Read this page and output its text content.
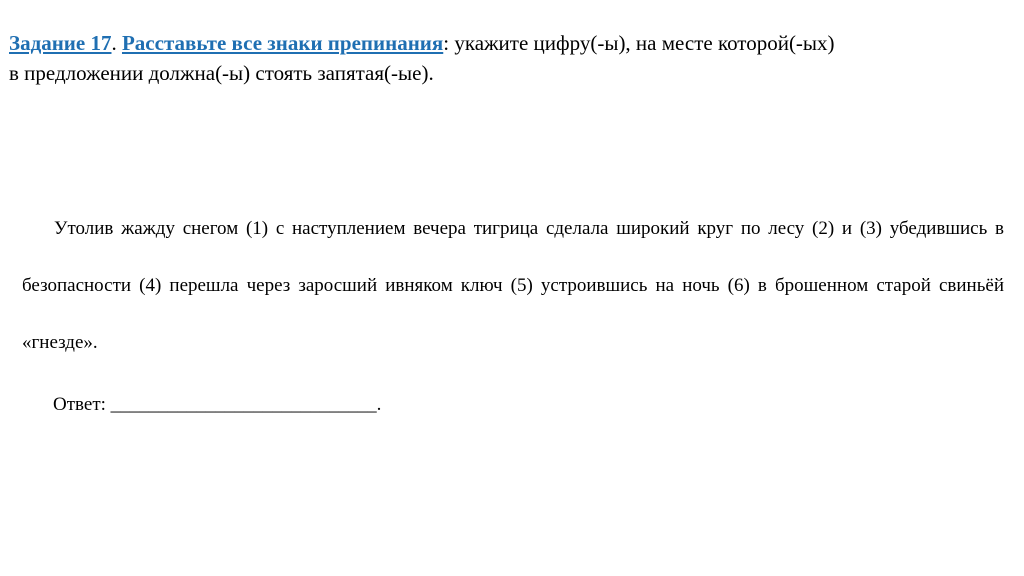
Задание 17. Расставьте все знаки препинания: укажите цифру(-ы), на месте которой(-ых)
в предложении должна(-ы) стоять запятая(-ые).
Утолив жажду снегом (1) с наступлением вечера тигрица сделала широкий круг по лесу (2) и (3) убедившись в безопасности (4) перешла через заросший ивняком ключ (5) устроившись на ночь (6) в брошенном старой свиньёй «гнезде».
Ответ: ____________________________.
